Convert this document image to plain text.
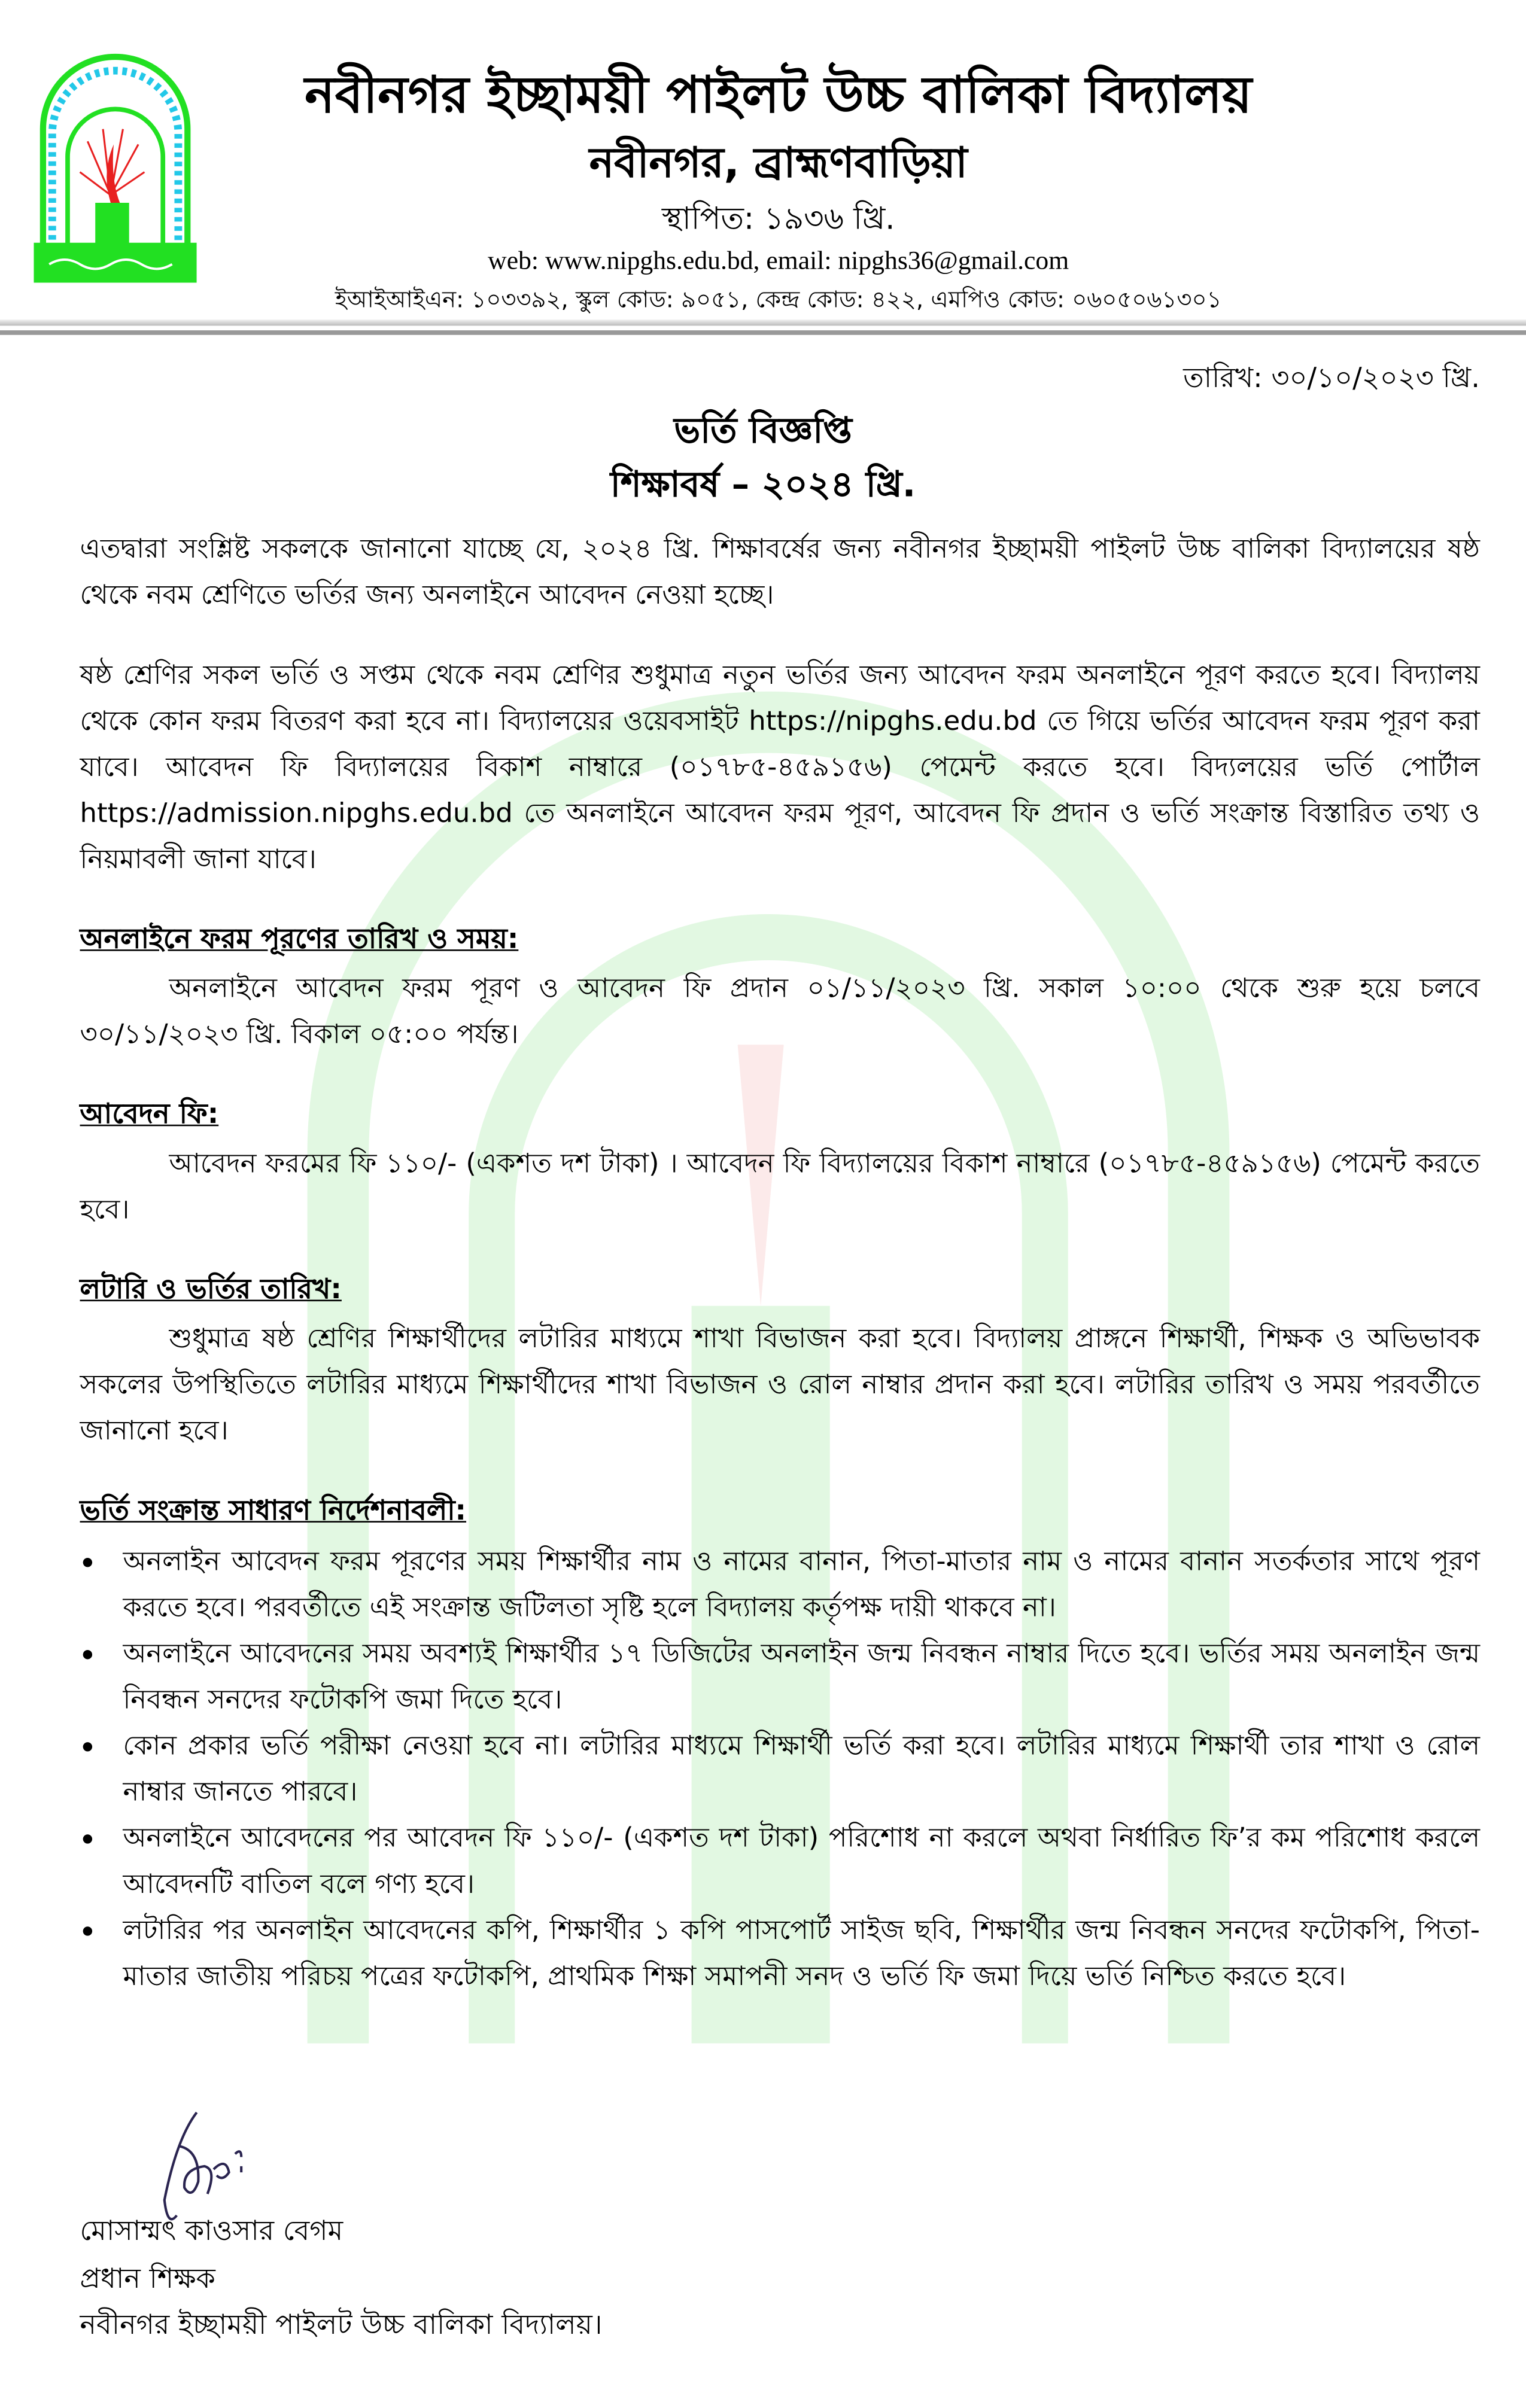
নবীনগর ইচ্ছাময়ী পাইলট উচ্চ বালিকা বিদ্যালয়
নবীনগর, ব্রাহ্মণবাড়িয়া
স্থাপিত: ১৯৩৬ খ্রি.
web: www.nipghs.edu.bd, email: nipghs36@gmail.com
ইআইআইএন: ১০৩৩৯২, স্কুল কোড: ৯০৫১, কেন্দ্র কোড: ৪২২, এমপিও কোড: ০৬০৫০৬১৩০১
তারিখ: ৩০/১০/২০২৩ খ্রি.
ভর্তি বিজ্ঞপ্তি
শিক্ষাবর্ষ – ২০২৪ খ্রি.
এতদ্বারা সংশ্লিষ্ট সকলকে জানানো যাচ্ছে যে, ২০২৪ খ্রি. শিক্ষাবর্ষের জন্য নবীনগর ইচ্ছাময়ী পাইলট উচ্চ বালিকা বিদ্যালয়ের ষষ্ঠ থেকে নবম শ্রেণিতে ভর্তির জন্য অনলাইনে আবেদন নেওয়া হচ্ছে।
ষষ্ঠ শ্রেণির সকল ভর্তি ও সপ্তম থেকে নবম শ্রেণির শুধুমাত্র নতুন ভর্তির জন্য আবেদন ফরম অনলাইনে পূরণ করতে হবে। বিদ্যালয় থেকে কোন ফরম বিতরণ করা হবে না। বিদ্যালয়ের ওয়েবসাইট https://nipghs.edu.bd তে গিয়ে ভর্তির আবেদন ফরম পূরণ করা যাবে। আবেদন ফি বিদ্যালয়ের বিকাশ নাম্বারে (০১৭৮৫-৪৫৯১৫৬) পেমেন্ট করতে হবে। বিদ্যলয়ের ভর্তি পোর্টাল https://admission.nipghs.edu.bd তে অনলাইনে আবেদন ফরম পূরণ, আবেদন ফি প্রদান ও ভর্তি সংক্রান্ত বিস্তারিত তথ্য ও নিয়মাবলী জানা যাবে।
অনলাইনে ফরম পূরণের তারিখ ও সময়:
অনলাইনে আবেদন ফরম পূরণ ও আবেদন ফি প্রদান ০১/১১/২০২৩ খ্রি. সকাল ১০:০০ থেকে শুরু হয়ে চলবে ৩০/১১/২০২৩ খ্রি. বিকাল ০৫:০০ পর্যন্ত।
আবেদন ফি:
আবেদন ফরমের ফি ১১০/- (একশত দশ টাকা) । আবেদন ফি বিদ্যালয়ের বিকাশ নাম্বারে (০১৭৮৫-৪৫৯১৫৬) পেমেন্ট করতে হবে।
লটারি ও ভর্তির তারিখ:
শুধুমাত্র ষষ্ঠ শ্রেণির শিক্ষার্থীদের লটারির মাধ্যমে শাখা বিভাজন করা হবে। বিদ্যালয় প্রাঙ্গনে শিক্ষার্থী, শিক্ষক ও অভিভাবক সকলের উপস্থিতিতে লটারির মাধ্যমে শিক্ষার্থীদের শাখা বিভাজন ও রোল নাম্বার প্রদান করা হবে। লটারির তারিখ ও সময় পরবর্তীতে জানানো হবে।
ভর্তি সংক্রান্ত সাধারণ নির্দেশনাবলী:
অনলাইন আবেদন ফরম পূরণের সময় শিক্ষার্থীর নাম ও নামের বানান, পিতা-মাতার নাম ও নামের বানান সতর্কতার সাথে পূরণ করতে হবে। পরবর্তীতে এই সংক্রান্ত জটিলতা সৃষ্টি হলে বিদ্যালয় কর্তৃপক্ষ দায়ী থাকবে না।
অনলাইনে আবেদনের সময় অবশ্যই শিক্ষার্থীর ১৭ ডিজিটের অনলাইন জন্ম নিবন্ধন নাম্বার দিতে হবে। ভর্তির সময় অনলাইন জন্ম নিবন্ধন সনদের ফটোকপি জমা দিতে হবে।
কোন প্রকার ভর্তি পরীক্ষা নেওয়া হবে না। লটারির মাধ্যমে শিক্ষার্থী ভর্তি করা হবে। লটারির মাধ্যমে শিক্ষার্থী তার শাখা ও রোল নাম্বার জানতে পারবে।
অনলাইনে আবেদনের পর আবেদন ফি ১১০/- (একশত দশ টাকা) পরিশোধ না করলে অথবা নির্ধারিত ফি’র কম পরিশোধ করলে আবেদনটি বাতিল বলে গণ্য হবে।
লটারির পর অনলাইন আবেদনের কপি, শিক্ষার্থীর ১ কপি পাসপোর্ট সাইজ ছবি, শিক্ষার্থীর জন্ম নিবন্ধন সনদের ফটোকপি, পিতা-মাতার জাতীয় পরিচয় পত্রের ফটোকপি, প্রাথমিক শিক্ষা সমাপনী সনদ ও ভর্তি ফি জমা দিয়ে ভর্তি নিশ্চিত করতে হবে।
মোসাম্মৎ কাওসার বেগম
প্রধান শিক্ষক
নবীনগর ইচ্ছাময়ী পাইলট উচ্চ বালিকা বিদ্যালয়।
